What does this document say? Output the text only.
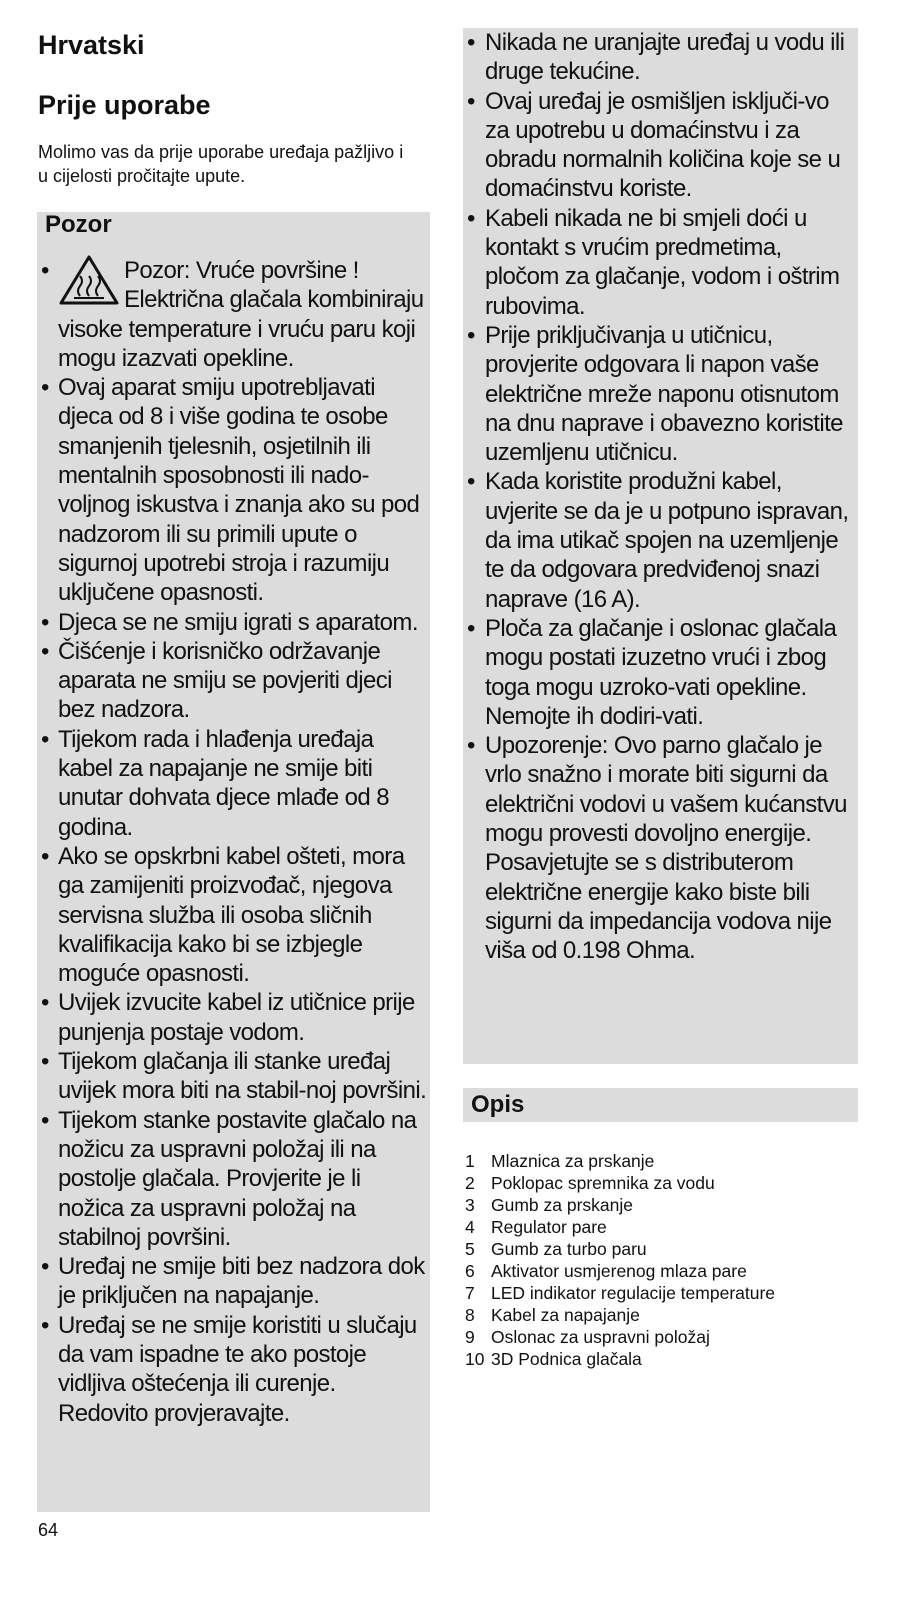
Hrvatski
Prije uporabe

Molimo vas da prije uporabe uređaja pažljivo i u cijelosti pročitajte upute.

Pozor
• Pozor: Vruće površine !
Električna glačala kombiniraju visoke temperature i vruću paru koji mogu izazvati opekline.
• Ovaj aparat smiju upotrebljavati djeca od 8 i više godina te osobe smanjenih tjelesnih, osjetilnih ili mentalnih sposobnosti ili nado-voljnog iskustva i znanja ako su pod nadzorom ili su primili upute o sigurnoj upotrebi stroja i razumiju uključene opasnosti.
• Djeca se ne smiju igrati s aparatom.
• Čišćenje i korisničko održavanje aparata ne smiju se povjeriti djeci bez nadzora.
• Tijekom rada i hlađenja uređaja kabel za napajanje ne smije biti unutar dohvata djece mlađe od 8 godina.
• Ako se opskrbni kabel ošteti, mora ga zamijeniti proizvođač, njegova servisna služba ili osoba sličnih kvalifikacija kako bi se izbjegle moguće opasnosti.
• Uvijek izvucite kabel iz utičnice prije punjenja postaje vodom.
• Tijekom glačanja ili stanke uređaj uvijek mora biti na stabil-noj površini.
• Tijekom stanke postavite glačalo na nožicu za uspravni položaj ili na postolje glačala. Provjerite je li nožica za uspravni položaj na stabilnoj površini.
• Uređaj ne smije biti bez nadzora dok je priključen na napajanje.
• Uređaj se ne smije koristiti u slučaju da vam ispadne te ako postoje vidljiva oštećenja ili curenje. Redovito provjeravajte.
• Nikada ne uranjajte uređaj u vodu ili druge tekućine.
• Ovaj uređaj je osmišljen isključi-vo za upotrebu u domaćinstvu i za obradu normalnih količina koje se u domaćinstvu koriste.
• Kabeli nikada ne bi smjeli doći u kontakt s vrućim predmetima, pločom za glačanje, vodom i oštrim rubovima.
• Prije priključivanja u utičnicu, provjerite odgovara li napon vaše električne mreže naponu otisnutom na dnu naprave i obavezno koristite uzemljenu utičnicu.
• Kada koristite produžni kabel, uvjerite se da je u potpuno ispravan, da ima utikač spojen na uzemljenje te da odgovara predviđenoj snazi naprave (16 A).
• Ploča za glačanje i oslonac glačala mogu postati izuzetno vrući i zbog toga mogu uzroko-vati opekline. Nemojte ih dodiri-vati.
• Upozorenje: Ovo parno glačalo je vrlo snažno i morate biti sigurni da električni vodovi u vašem kućanstvu mogu provesti dovoljno energije. Posavjetujte se s distributerom električne energije kako biste bili sigurni da impedancija vodova nije viša od 0.198 Ohma.
Opis
1 Mlaznica za prskanje
2 Poklopac spremnika za vodu
3 Gumb za prskanje
4 Regulator pare
5 Gumb za turbo paru
6 Aktivator usmjerenog mlaza pare
7 LED indikator regulacije temperature
8 Kabel za napajanje
9 Oslonac za uspravni položaj
10 3D Podnica glačala
64
